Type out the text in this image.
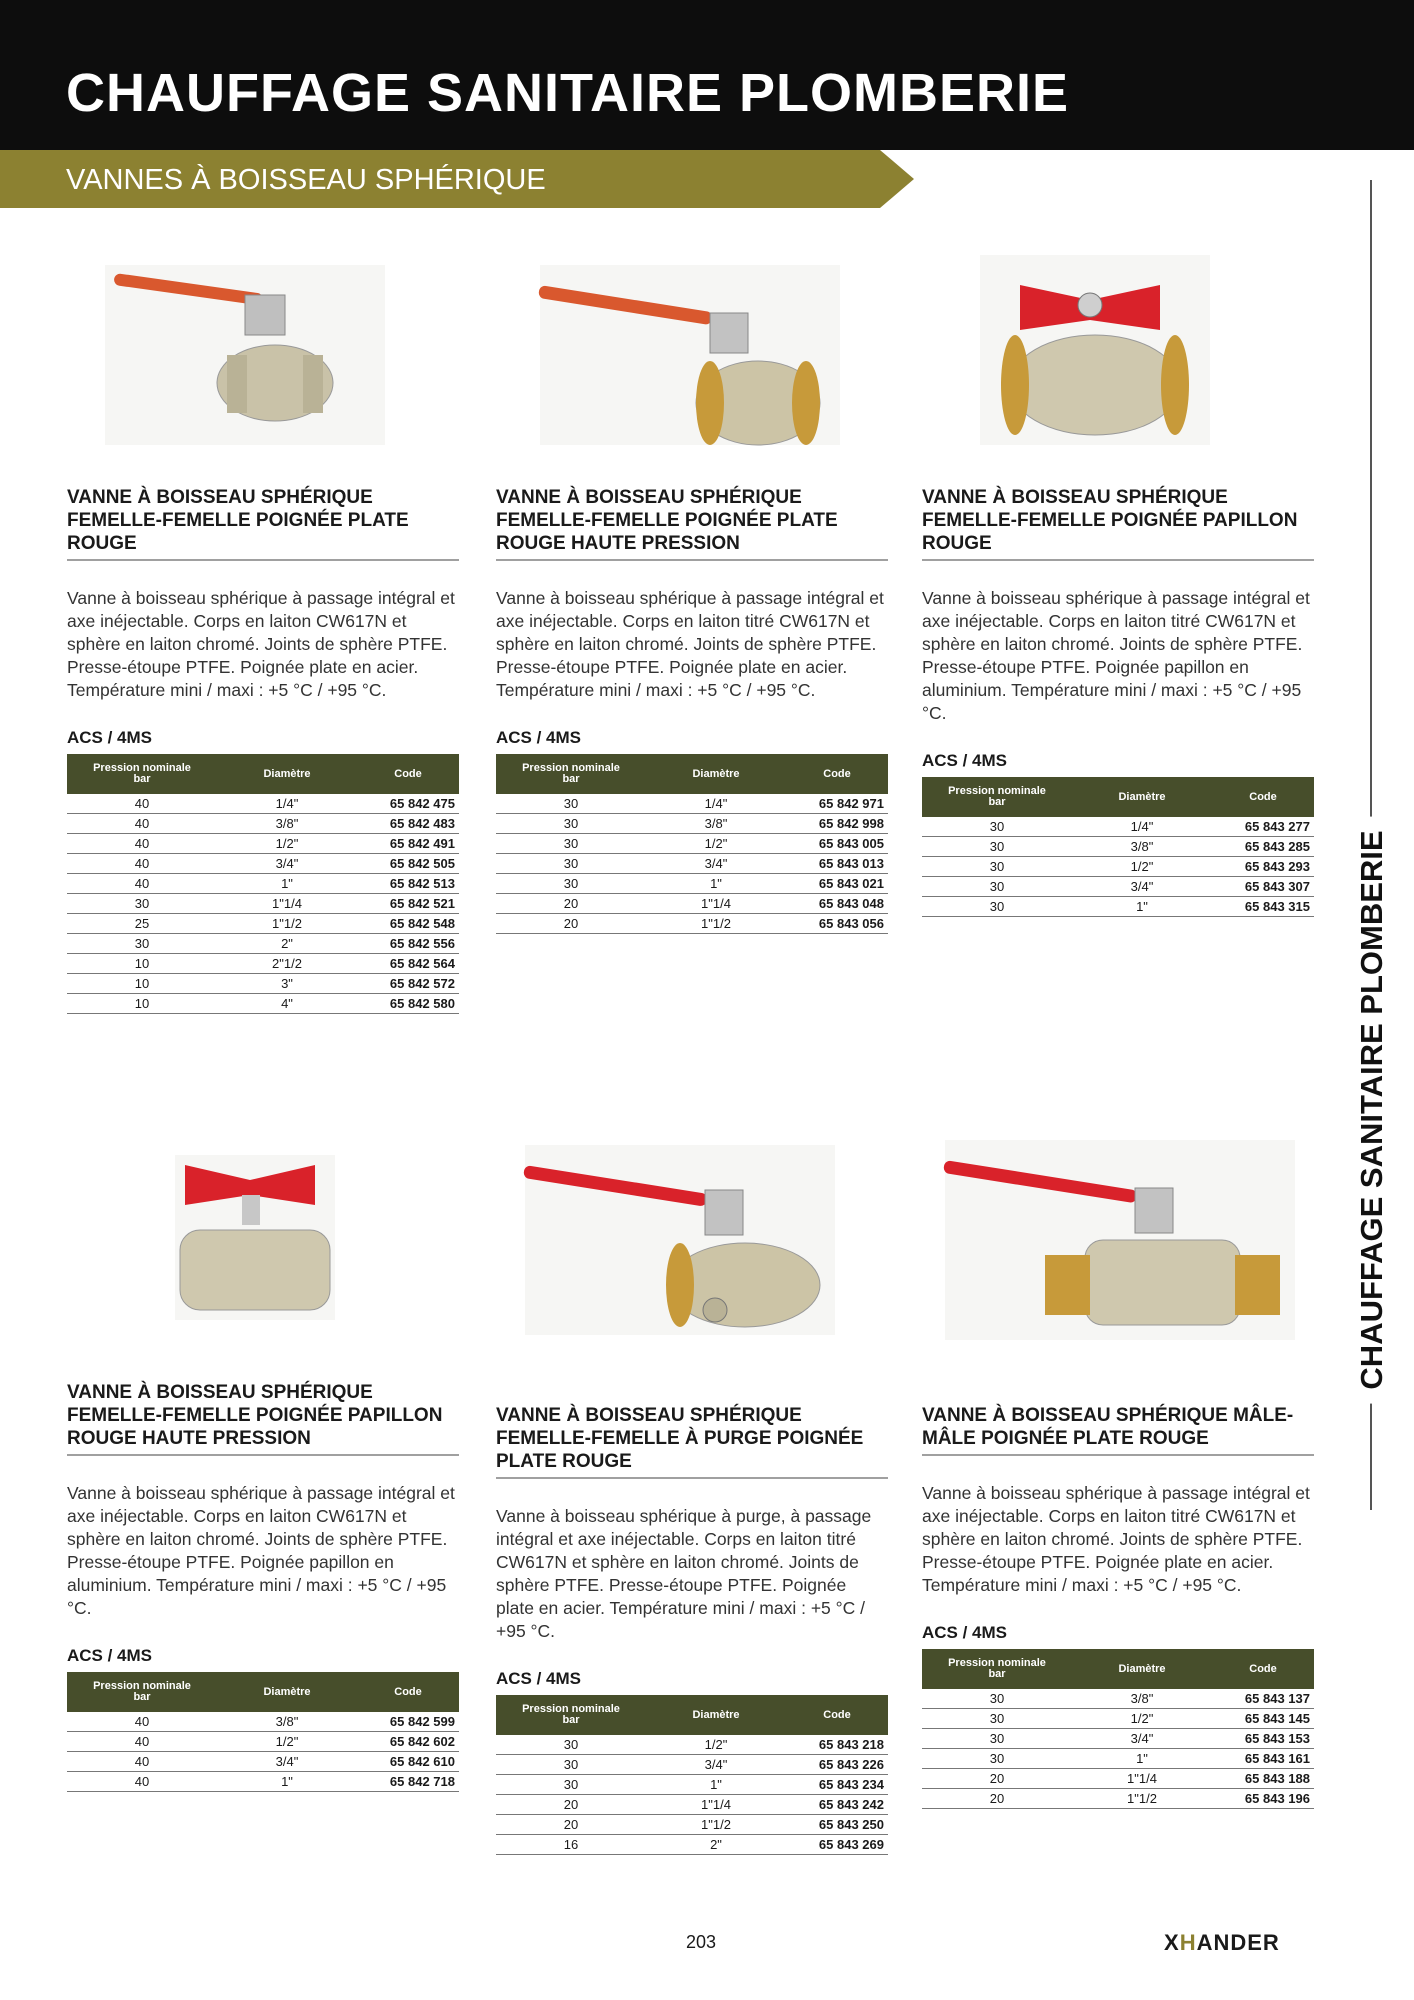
CHAUFFAGE SANITAIRE PLOMBERIE
VANNES À BOISSEAU SPHÉRIQUE
CHAUFFAGE SANITAIRE PLOMBERIE
VANNE À BOISSEAU SPHÉRIQUE FEMELLE-FEMELLE POIGNÉE PLATE ROUGE
Vanne à boisseau sphérique à passage intégral et axe inéjectable. Corps en laiton CW617N et sphère en laiton chromé. Joints de sphère PTFE. Presse-étoupe PTFE. Poignée plate en acier. Température mini / maxi : +5 °C / +95 °C.
ACS / 4MS
Pression nominale
bar	Diamètre	Code
40	1/4"	65 842 475
40	3/8"	65 842 483
40	1/2"	65 842 491
40	3/4"	65 842 505
40	1"	65 842 513
30	1"1/4	65 842 521
25	1"1/2	65 842 548
30	2"	65 842 556
10	2"1/2	65 842 564
10	3"	65 842 572
10	4"	65 842 580
VANNE À BOISSEAU SPHÉRIQUE FEMELLE-FEMELLE POIGNÉE PLATE ROUGE HAUTE PRESSION
Vanne à boisseau sphérique à passage intégral et axe inéjectable. Corps en laiton titré CW617N et sphère en laiton chromé. Joints de sphère PTFE. Presse-étoupe PTFE. Poignée plate en acier. Température mini / maxi : +5 °C / +95 °C.
ACS / 4MS
Pression nominale
bar	Diamètre	Code
30	1/4"	65 842 971
30	3/8"	65 842 998
30	1/2"	65 843 005
30	3/4"	65 843 013
30	1"	65 843 021
20	1"1/4	65 843 048
20	1"1/2	65 843 056
VANNE À BOISSEAU SPHÉRIQUE FEMELLE-FEMELLE POIGNÉE PAPILLON ROUGE
Vanne à boisseau sphérique à passage intégral et axe inéjectable. Corps en laiton titré CW617N et sphère en laiton chromé. Joints de sphère PTFE. Presse-étoupe PTFE. Poignée papillon en aluminium. Température mini / maxi : +5 °C / +95 °C.
ACS / 4MS
Pression nominale
bar	Diamètre	Code
30	1/4"	65 843 277
30	3/8"	65 843 285
30	1/2"	65 843 293
30	3/4"	65 843 307
30	1"	65 843 315
VANNE À BOISSEAU SPHÉRIQUE FEMELLE-FEMELLE POIGNÉE PAPILLON ROUGE HAUTE PRESSION
Vanne à boisseau sphérique à passage intégral et axe inéjectable. Corps en laiton CW617N et sphère en laiton chromé. Joints de sphère PTFE. Presse-étoupe PTFE. Poignée papillon en aluminium. Température mini / maxi : +5 °C / +95 °C.
ACS / 4MS
Pression nominale
bar	Diamètre	Code
40	3/8"	65 842 599
40	1/2"	65 842 602
40	3/4"	65 842 610
40	1"	65 842 718
VANNE À BOISSEAU SPHÉRIQUE FEMELLE-FEMELLE À PURGE POIGNÉE PLATE ROUGE
Vanne à boisseau sphérique à purge, à passage intégral et axe inéjectable. Corps en laiton titré CW617N et sphère en laiton chromé. Joints de sphère PTFE. Presse-étoupe PTFE. Poignée plate en acier. Température mini / maxi : +5 °C / +95 °C.
ACS / 4MS
Pression nominale
bar	Diamètre	Code
30	1/2"	65 843 218
30	3/4"	65 843 226
30	1"	65 843 234
20	1"1/4	65 843 242
20	1"1/2	65 843 250
16	2"	65 843 269
VANNE À BOISSEAU SPHÉRIQUE MÂLE-MÂLE POIGNÉE PLATE ROUGE
Vanne à boisseau sphérique à passage intégral et axe inéjectable. Corps en laiton titré CW617N et sphère en laiton chromé. Joints de sphère PTFE. Presse-étoupe PTFE. Poignée plate en acier. Température mini / maxi : +5 °C / +95 °C.
ACS / 4MS
Pression nominale
bar	Diamètre	Code
30	3/8"	65 843 137
30	1/2"	65 843 145
30	3/4"	65 843 153
30	1"	65 843 161
20	1"1/4	65 843 188
20	1"1/2	65 843 196
203	XHANDER
